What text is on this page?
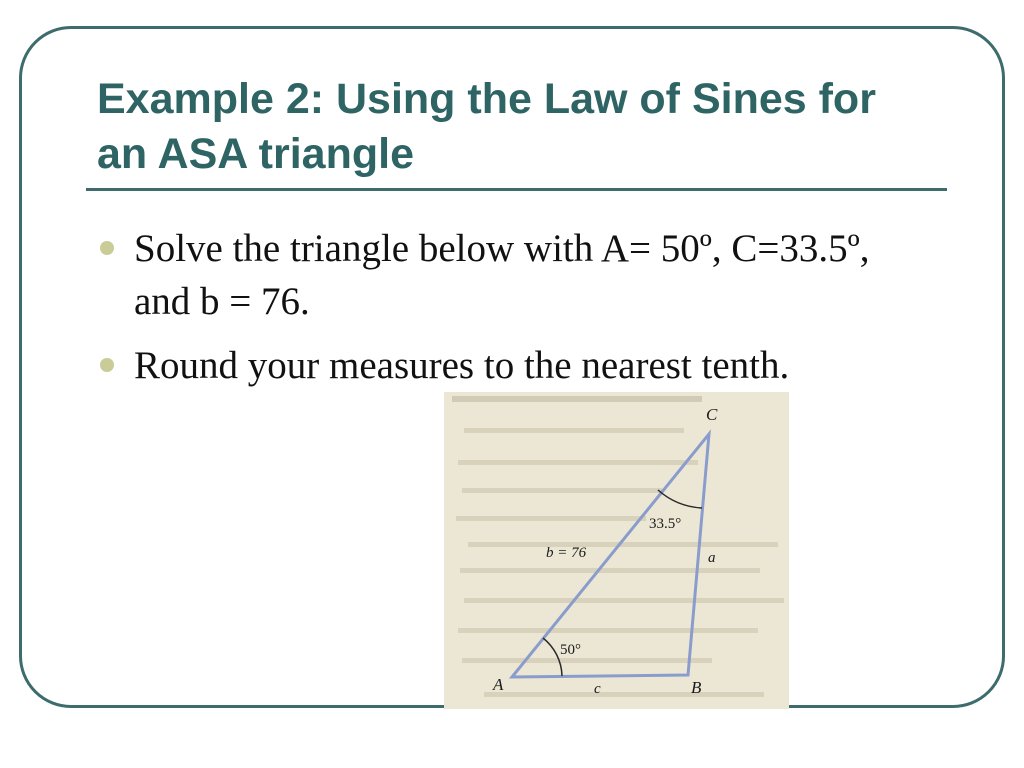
Example 2: Using the Law of Sines for an ASA triangle
Solve the triangle below with A= 50º, C=33.5º, and b = 76.
Round your measures to the nearest tenth.
A	B
C
a
b = 76
c
50°
33.5°
